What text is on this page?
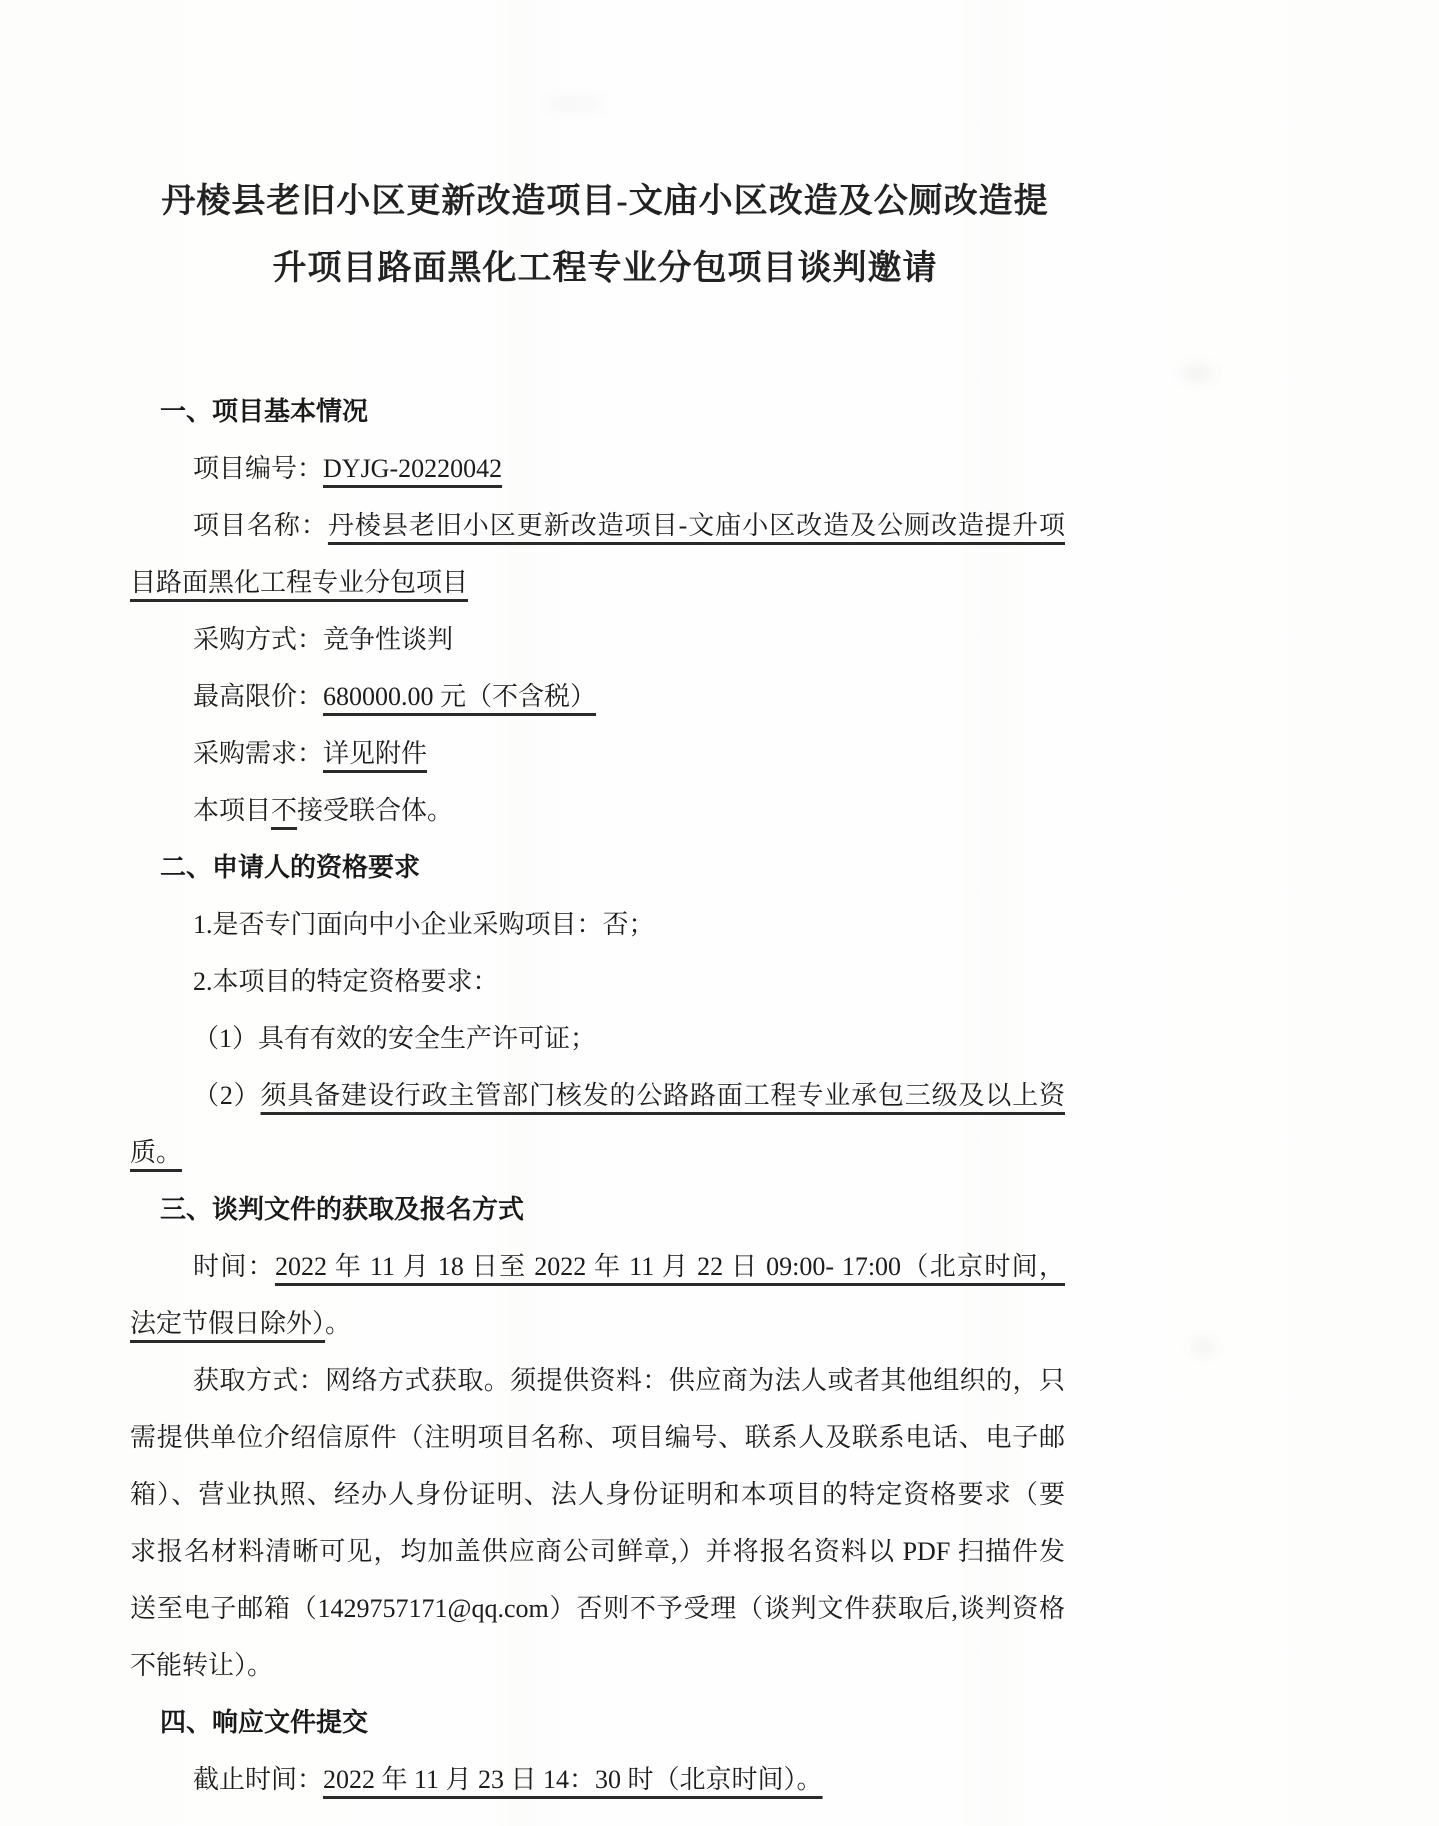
丹棱县老旧小区更新改造项目-文庙小区改造及公厕改造提
升项目路面黑化工程专业分包项目谈判邀请
一、项目基本情况
项目编号：DYJG-20220042
项目名称：丹棱县老旧小区更新改造项目-文庙小区改造及公厕改造提升项
目路面黑化工程专业分包项目
采购方式：竞争性谈判
最高限价：680000.00 元（不含税）
采购需求：详见附件
本项目不接受联合体。
二、申请人的资格要求
1.是否专门面向中小企业采购项目：否；
2.本项目的特定资格要求：
（1）具有有效的安全生产许可证；
（2）须具备建设行政主管部门核发的公路路面工程专业承包三级及以上资
质。
三、谈判文件的获取及报名方式
时间：2022 年 11 月 18 日至 2022 年 11 月 22 日 09:00- 17:00（北京时间，
法定节假日除外）。
获取方式：网络方式获取。须提供资料：供应商为法人或者其他组织的，只
需提供单位介绍信原件（注明项目名称、项目编号、联系人及联系电话、电子邮
箱）、营业执照、经办人身份证明、法人身份证明和本项目的特定资格要求（要
求报名材料清晰可见，均加盖供应商公司鲜章,）并将报名资料以 PDF 扫描件发
送至电子邮箱（1429757171@qq.com）否则不予受理（谈判文件获取后,谈判资格
不能转让）。
四、响应文件提交
截止时间：2022 年 11 月 23 日 14：30 时（北京时间）。
